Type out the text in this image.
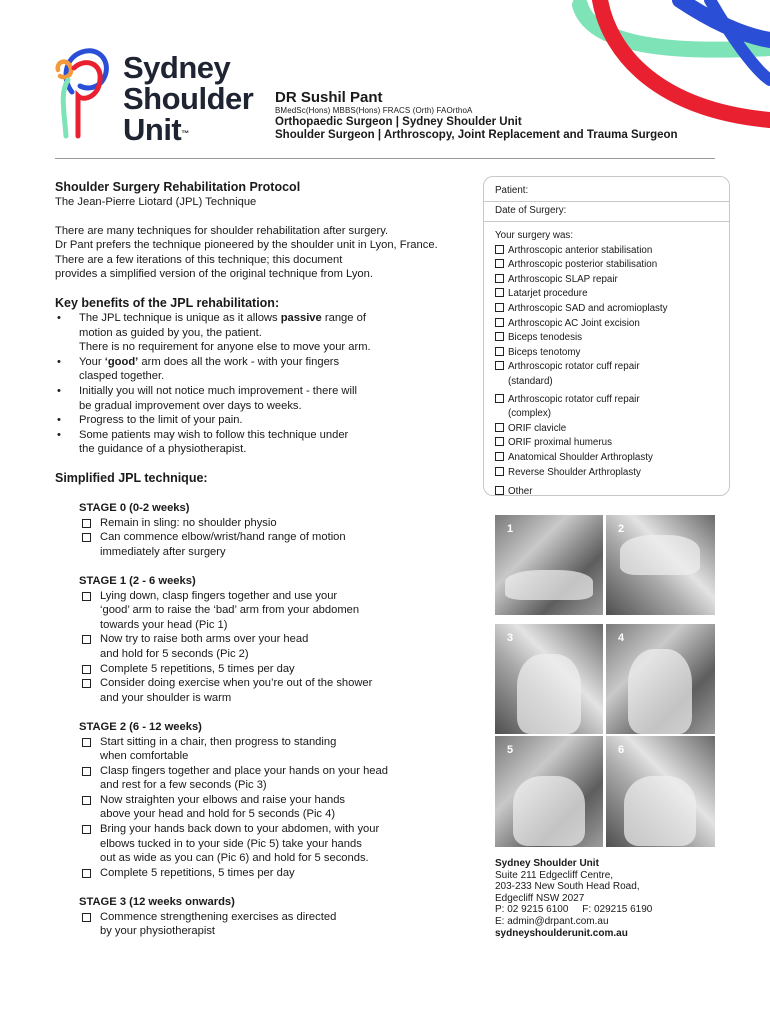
Sydney
Shoulder
Unit™
DR Sushil Pant
BMedSc(Hons) MBBS(Hons) FRACS (Orth) FAOrthoA
Orthopaedic Surgeon | Sydney Shoulder Unit
Shoulder Surgeon | Arthroscopy, Joint Replacement and Trauma Surgeon
Shoulder Surgery Rehabilitation Protocol
The Jean-Pierre Liotard (JPL) Technique
There are many techniques for shoulder rehabilitation after surgery.
Dr Pant prefers the technique pioneered by the shoulder unit in Lyon, France.
There are a few iterations of this technique; this document
provides a simplified version of the original technique from Lyon.
Key benefits of the JPL rehabilitation:
• The JPL technique is unique as it allows passive range of
motion as guided by you, the patient.
There is no requirement for anyone else to move your arm.
• Your ‘good’ arm does all the work - with your fingers
clasped together.
• Initially you will not notice much improvement - there will
be gradual improvement over days to weeks.
• Progress to the limit of your pain.
• Some patients may wish to follow this technique under
the guidance of a physiotherapist.
Simplified JPL technique:
STAGE 0 (0-2 weeks)
Remain in sling: no shoulder physio
Can commence elbow/wrist/hand range of motion
immediately after surgery
STAGE 1 (2 - 6 weeks)
Lying down, clasp fingers together and use your
‘good’ arm to raise the ‘bad’ arm from your abdomen
towards your head (Pic 1)
Now try to raise both arms over your head
and hold for 5 seconds (Pic 2)
Complete 5 repetitions, 5 times per day
Consider doing exercise when you’re out of the shower
and your shoulder is warm
STAGE 2 (6 - 12 weeks)
Start sitting in a chair, then progress to standing
when comfortable
Clasp fingers together and place your hands on your head
and rest for a few seconds (Pic 3)
Now straighten your elbows and raise your hands
above your head and hold for 5 seconds (Pic 4)
Bring your hands back down to your abdomen, with your
elbows tucked in to your side (Pic 5) take your hands
out as wide as you can (Pic 6) and hold for 5 seconds.
Complete 5 repetitions, 5 times per day
STAGE 3 (12 weeks onwards)
Commence strengthening exercises as directed
by your physiotherapist
Patient:
Date of Surgery:
Your surgery was:
Arthroscopic anterior stabilisation
Arthroscopic posterior stabilisation
Arthroscopic SLAP repair
Latarjet procedure
Arthroscopic SAD and acromioplasty
Arthroscopic AC Joint excision
Biceps tenodesis
Biceps tenotomy
Arthroscopic rotator cuff repair
(standard)
Arthroscopic rotator cuff repair
(complex)
ORIF clavicle
ORIF proximal humerus
Anatomical Shoulder Arthroplasty
Reverse Shoulder Arthroplasty
Other
1	2
3	4
5	6
Sydney Shoulder Unit
Suite 211 Edgecliff Centre,
203-233 New South Head Road,
Edgecliff NSW 2027
P: 02 9215 6100     F: 029215 6190
E: admin@drpant.com.au
sydneyshoulderunit.com.au
